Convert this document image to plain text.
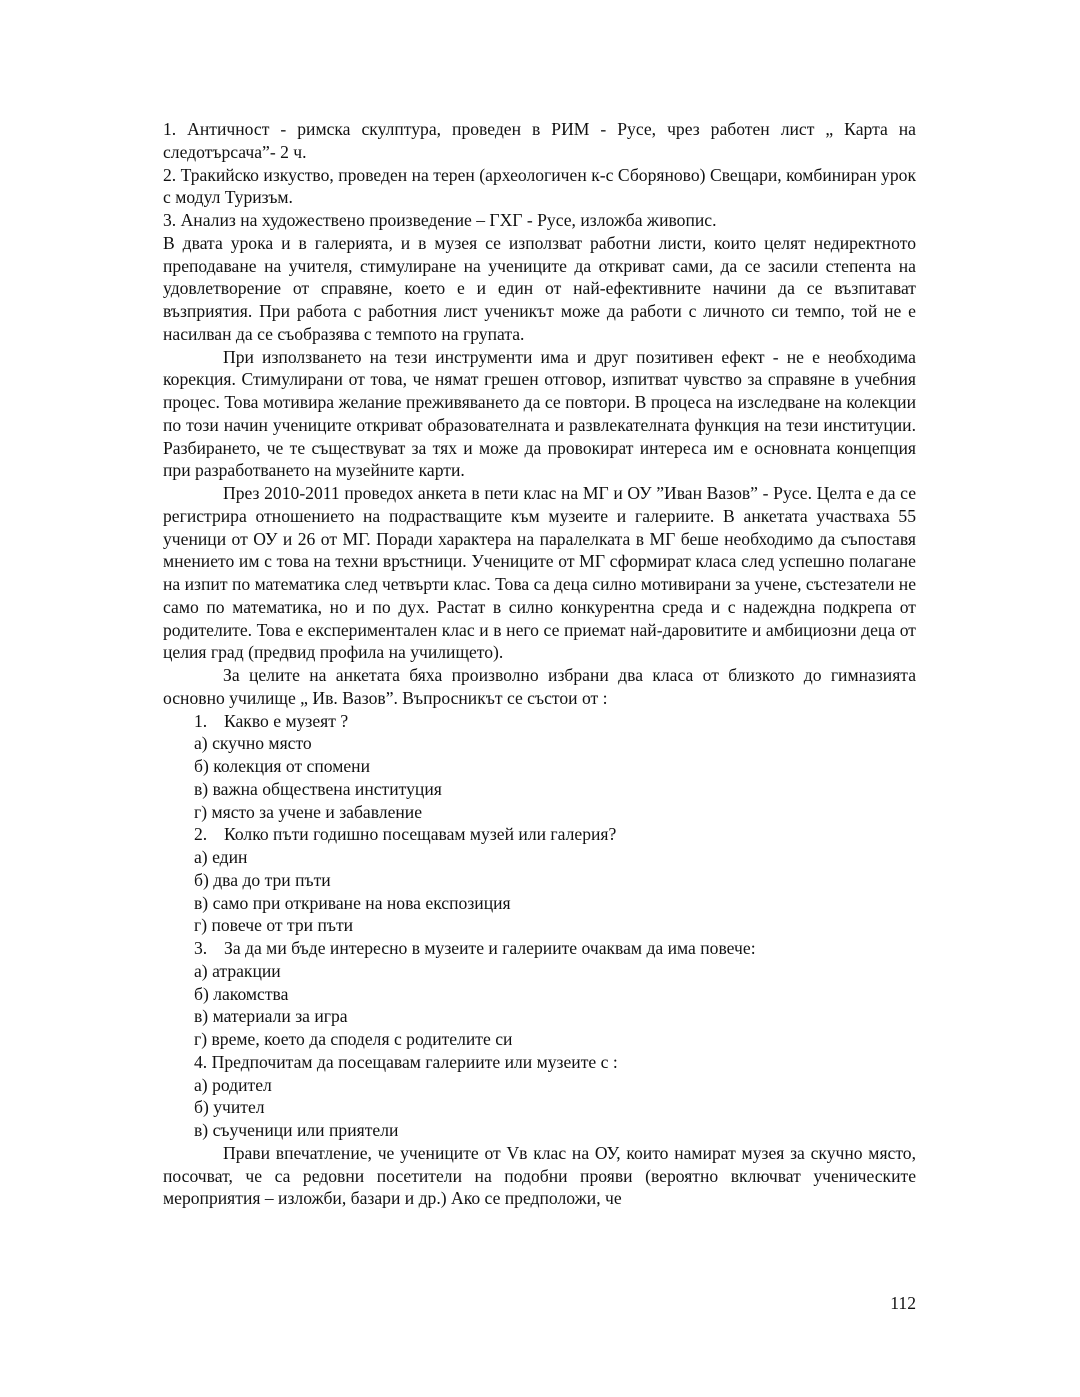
1. Античност - римска скулптура, проведен в РИМ - Русе, чрез работен лист „ Карта на следотърсача”- 2 ч.

2. Тракийско изкуство, проведен на терен (археологичен к-с Сборяново) Свещари, комбиниран урок с модул Туризъм.

3. Анализ на художествено произведение – ГХГ - Русе, изложба живопис.

В двата урока и в галерията, и в музея се използват работни листи, които целят недиректното преподаване на учителя, стимулиране на учениците да откриват сами, да се засили степента на удовлетворение от справяне, което е и един от най-ефективните начини да се възпитават възприятия. При работа с работния лист ученикът може да работи с личното си темпо, той не е насилван да се съобразява с темпото на групата.

При използването на тези инструменти има и друг позитивен ефект - не е необходима корекция. Стимулирани от това, че нямат грешен отговор, изпитват чувство за справяне в учебния процес. Това мотивира желание преживяването да се повтори. В процеса на изследване на колекции по този начин учениците откриват образователната и развлекателната функция на тези институции. Разбирането, че те съществуват за тях и може да провокират интереса им е основната концепция при разработването на музейните карти.

През 2010-2011 проведох анкета в пети клас на МГ и ОУ ”Иван Вазов” - Русе. Целта е да се регистрира отношението на подрастващите към музеите и галериите. В анкетата участваха 55 ученици от ОУ и 26 от МГ. Поради характера на паралелката в МГ беше необходимо да съпоставя мнението им с това на техни връстници. Учениците от МГ сформират класа след успешно полагане на изпит по математика след четвърти клас. Това са деца силно мотивирани за учене, състезатели не само по математика, но и по дух. Растат в силно конкурентна среда и с надеждна подкрепа от родителите. Това е експериментален клас и в него се приемат най-даровитите и амбициозни деца от целия град (предвид профила на училището).

За целите на анкетата бяха произволно избрани два класа от близкото до гимназията основно училище „ Ив. Вазов”. Въпросникът се състои от :

1. Какво е музеят ?

а) скучно място

б) колекция от спомени

в) важна обществена институция

г) място за учене и забавление

2. Колко пъти годишно посещавам музей или галерия?

а) един

б) два до три пъти

в) само при откриване на нова експозиция

г) повече от три пъти

3. За да ми бъде интересно в музеите и галериите очаквам да има повече:

а) атракции

б) лакомства

в) материали за игра

г) време, което да споделя с родителите си

4. Предпочитам да посещавам галериите или музеите с :

а) родител

б) учител

в) съученици или приятели

Прави впечатление, че учениците от Vв клас на ОУ, които намират музея за скучно място, посочват, че са редовни посетители на подобни прояви (вероятно включват ученическите мероприятия – изложби, базари и др.) Ако се предположи, че

112
